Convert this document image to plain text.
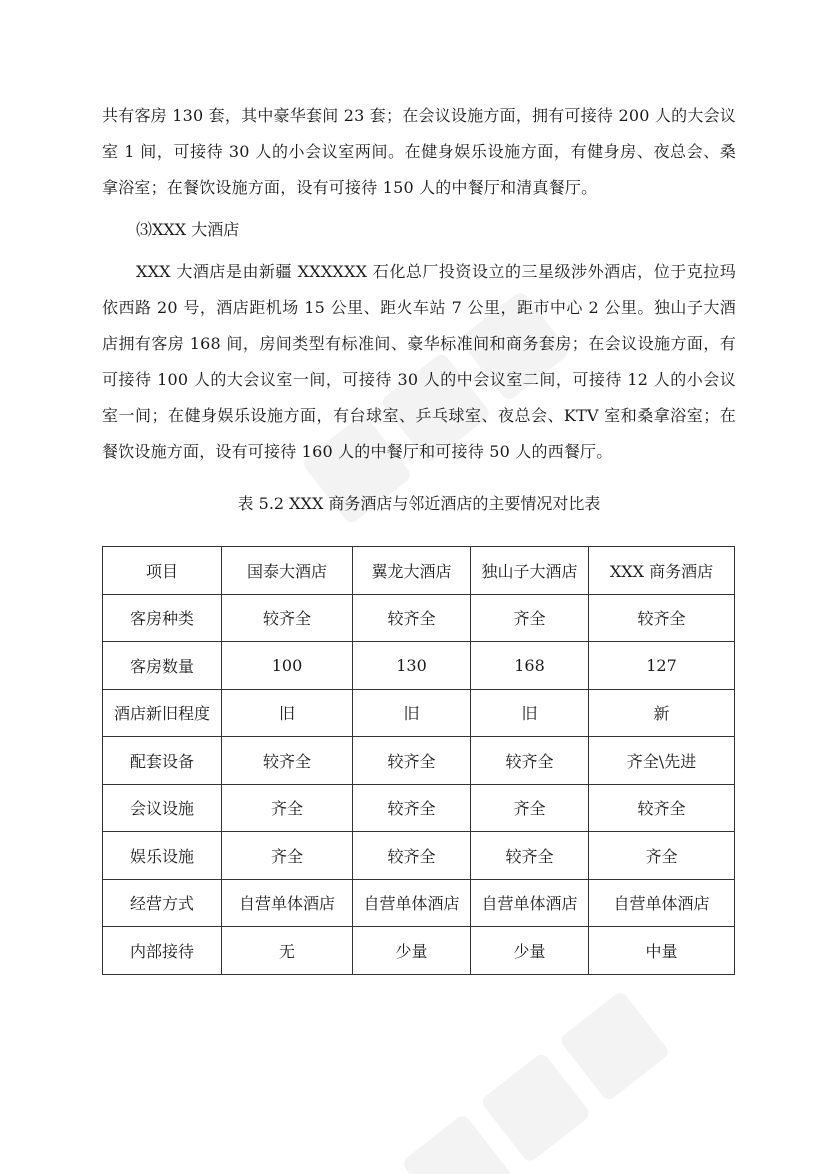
共有客房 130 套，其中豪华套间 23 套；在会议设施方面，拥有可接待 200 人的大会议室 1 间，可接待 30 人的小会议室两间。在健身娱乐设施方面，有健身房、夜总会、桑拿浴室；在餐饮设施方面，设有可接待 150 人的中餐厅和清真餐厅。

⑶XXX 大酒店

XXX 大酒店是由新疆 XXXXXX 石化总厂投资设立的三星级涉外酒店，位于克拉玛依西路 20 号，酒店距机场 15 公里、距火车站 7 公里，距市中心 2 公里。独山子大酒店拥有客房 168 间，房间类型有标准间、豪华标准间和商务套房；在会议设施方面，有可接待 100 人的大会议室一间，可接待 30 人的中会议室二间，可接待 12 人的小会议室一间；在健身娱乐设施方面，有台球室、乒乓球室、夜总会、KTV 室和桑拿浴室；在餐饮设施方面，设有可接待 160 人的中餐厅和可接待 50 人的西餐厅。

表 5.2 XXX 商务酒店与邻近酒店的主要情况对比表
项目	国泰大酒店	翼龙大酒店	独山子大酒店	XXX 商务酒店
客房种类	较齐全	较齐全	齐全	较齐全
客房数量	100	130	168	127
酒店新旧程度	旧	旧	旧	新
配套设备	较齐全	较齐全	较齐全	齐全\先进
会议设施	齐全	较齐全	齐全	较齐全
娱乐设施	齐全	较齐全	较齐全	齐全
经营方式	自营单体酒店	自营单体酒店	自营单体酒店	自营单体酒店
内部接待	无	少量	少量	中量
